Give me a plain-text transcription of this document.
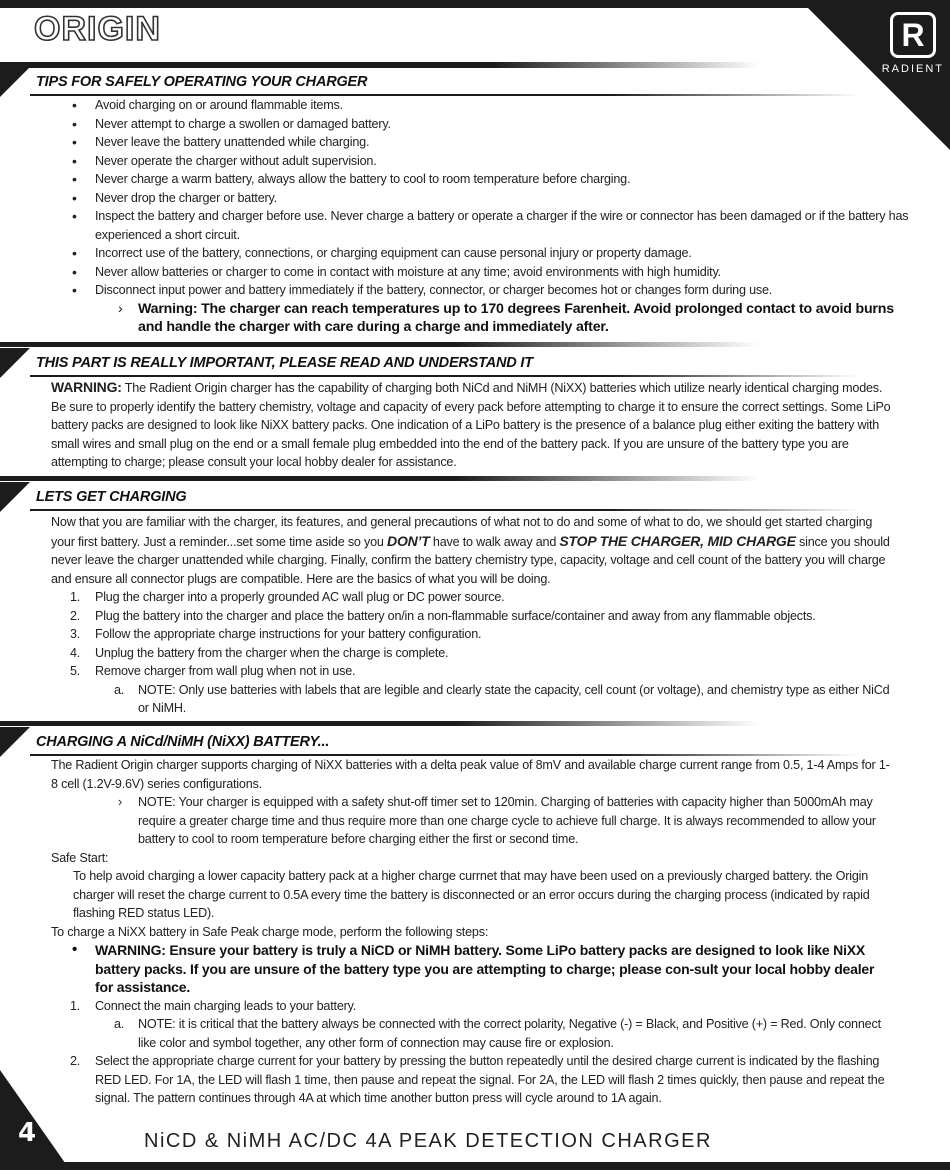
ORIGIN	R
RADIENT
TIPS FOR SAFELY OPERATING YOUR CHARGER
• Avoid charging on or around flammable items.
• Never attempt to charge a swollen or damaged battery.
• Never leave the battery unattended while charging.
• Never operate the charger without adult supervision.
• Never charge a warm battery, always allow the battery to cool to room temperature before charging.
• Never drop the charger or battery.
• Inspect the battery and charger before use. Never charge a battery or operate a charger if the wire or connector has been damaged or if the battery has experienced a short circuit.
• Incorrect use of the battery, connections, or charging equipment can cause personal injury or property damage.
• Never allow batteries or charger to come in contact with moisture at any time; avoid environments with high humidity.
• Disconnect input power and battery immediately if the battery, connector, or charger becomes hot or changes form during use.
› Warning: The charger can reach temperatures up to 170 degrees Farenheit. Avoid prolonged contact to avoid burns and handle the charger with care during a charge and immediately after.
THIS PART IS REALLY IMPORTANT, PLEASE READ AND UNDERSTAND IT
WARNING: The Radient Origin charger has the capability of charging both NiCd and NiMH (NiXX) batteries which utilize nearly identical charging modes. Be sure to properly identify the battery chemistry, voltage and capacity of every pack before attempting to charge it to ensure the correct settings. Some LiPo battery packs are designed to look like NiXX battery packs. One indication of a LiPo battery is the presence of a balance plug either exiting the battery with small wires and small plug on the end or a small female plug embedded into the end of the battery pack. If you are unsure of the battery type you are attempting to charge; please consult your local hobby dealer for assistance.
LETS GET CHARGING
Now that you are familiar with the charger, its features, and general precautions of what not to do and some of what to do, we should get started charging your first battery. Just a reminder...set some time aside so you DON’T have to walk away and STOP THE CHARGER, MID CHARGE since you should never leave the charger unattended while charging. Finally, confirm the battery chemistry type, capacity, voltage and cell count of the battery you will charge and ensure all connector plugs are compatible. Here are the basics of what you will be doing.
1. Plug the charger into a properly grounded AC wall plug or DC power source.
2. Plug the battery into the charger and place the battery on/in a non-flammable surface/container and away from any flammable objects.
3. Follow the appropriate charge instructions for your battery configuration.
4. Unplug the battery from the charger when the charge is complete.
5. Remove charger from wall plug when not in use.
a. NOTE: Only use batteries with labels that are legible and clearly state the capacity, cell count (or voltage), and chemistry type as either NiCd or NiMH.
CHARGING A NiCd/NiMH (NiXX) BATTERY...
The Radient Origin charger supports charging of NiXX batteries with a delta peak value of 8mV and available charge current range from 0.5, 1-4 Amps for 1-8 cell (1.2V-9.6V) series configurations.
› NOTE: Your charger is equipped with a safety shut-off timer set to 120min. Charging of batteries with capacity higher than 5000mAh may require a greater charge time and thus require more than one charge cycle to achieve full charge. It is always recommended to allow your battery to cool to room temperature before charging either the first or second time.
Safe Start:
To help avoid charging a lower capacity battery pack at a higher charge currnet that may have been used on a previously charged battery. the Origin charger will reset the charge current to 0.5A every time the battery is disconnected or an error occurs during the charging process (indicated by rapid flashing RED status LED).
To charge a NiXX battery in Safe Peak charge mode, perform the following steps:
• WARNING: Ensure your battery is truly a NiCD or NiMH battery. Some LiPo battery packs are designed to look like NiXX battery packs. If you are unsure of the battery type you are attempting to charge; please con-sult your local hobby dealer for assistance.
1. Connect the main charging leads to your battery.
a. NOTE: it is critical that the battery always be connected with the correct polarity, Negative (-) = Black, and Positive (+) = Red. Only connect like color and symbol together, any other form of connection may cause fire or explosion.
2. Select the appropriate charge current for your battery by pressing the button repeatedly until the desired charge current is indicated by the flashing RED LED. For 1A, the LED will flash 1 time, then pause and repeat the signal. For 2A, the LED will flash 2 times quickly, then pause and repeat the signal. The pattern continues through 4A at which time another button press will cycle around to 1A again.
4	NiCD & NiMH AC/DC 4A PEAK DETECTION CHARGER
